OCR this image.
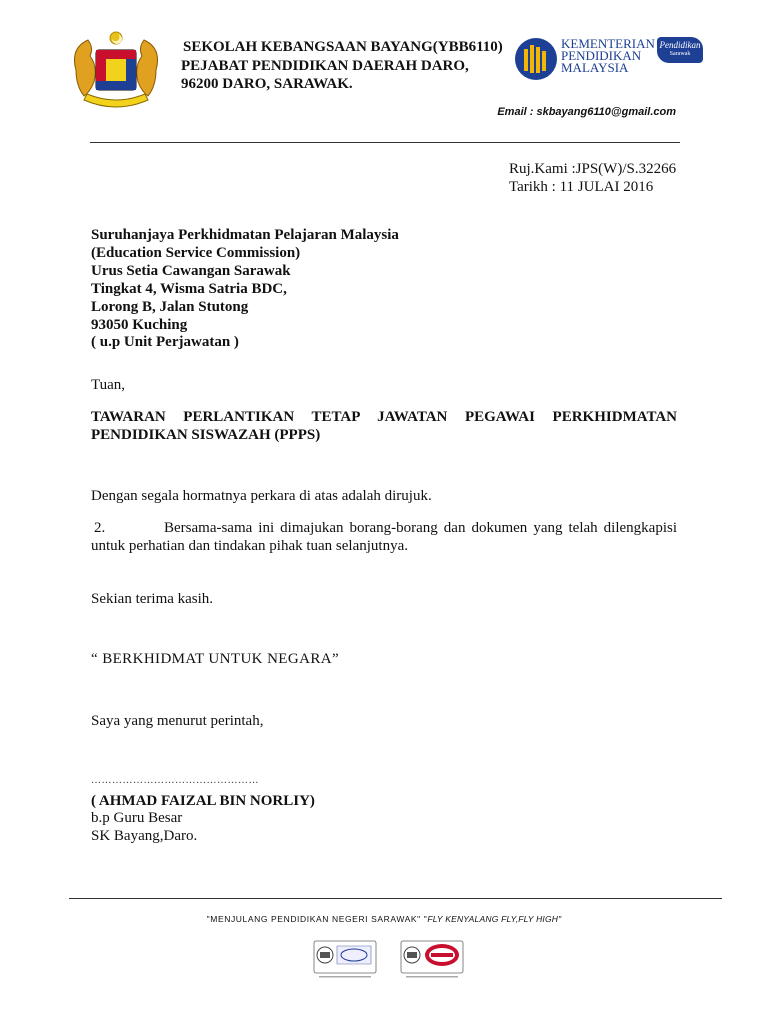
SEKOLAH KEBANGSAAN BAYANG(YBB6110)
PEJABAT PENDIDIKAN DAERAH DARO,
96200 DARO, SARAWAK.
KEMENTERIAN
PENDIDIKAN
MALAYSIA
Pendidikan
Sarawak
Email : skbayang6110@gmail.com
Ruj.Kami :JPS(W)/S.32266
Tarikh : 11 JULAI 2016
Suruhanjaya Perkhidmatan Pelajaran Malaysia
(Education Service Commission)
Urus Setia Cawangan Sarawak
Tingkat 4, Wisma Satria BDC,
Lorong B, Jalan Stutong
93050 Kuching
( u.p Unit Perjawatan )
Tuan,
TAWARAN PERLANTIKAN TETAP JAWATAN PEGAWAI PERKHIDMATAN
PENDIDIKAN SISWAZAH (PPPS)
Dengan segala hormatnya perkara di atas adalah dirujuk.
2.	Bersama-sama ini dimajukan borang-borang dan dokumen yang telah dilengkapisi
untuk perhatian dan tindakan pihak tuan selanjutnya.
Sekian terima kasih.
“ BERKHIDMAT UNTUK NEGARA”
Saya yang menurut perintah,
…………………………………………
( AHMAD FAIZAL BIN NORLIY)
b.p Guru Besar
SK Bayang,Daro.
"MENJULANG PENDIDIKAN NEGERI SARAWAK" "FLY KENYALANG FLY,FLY HIGH"
